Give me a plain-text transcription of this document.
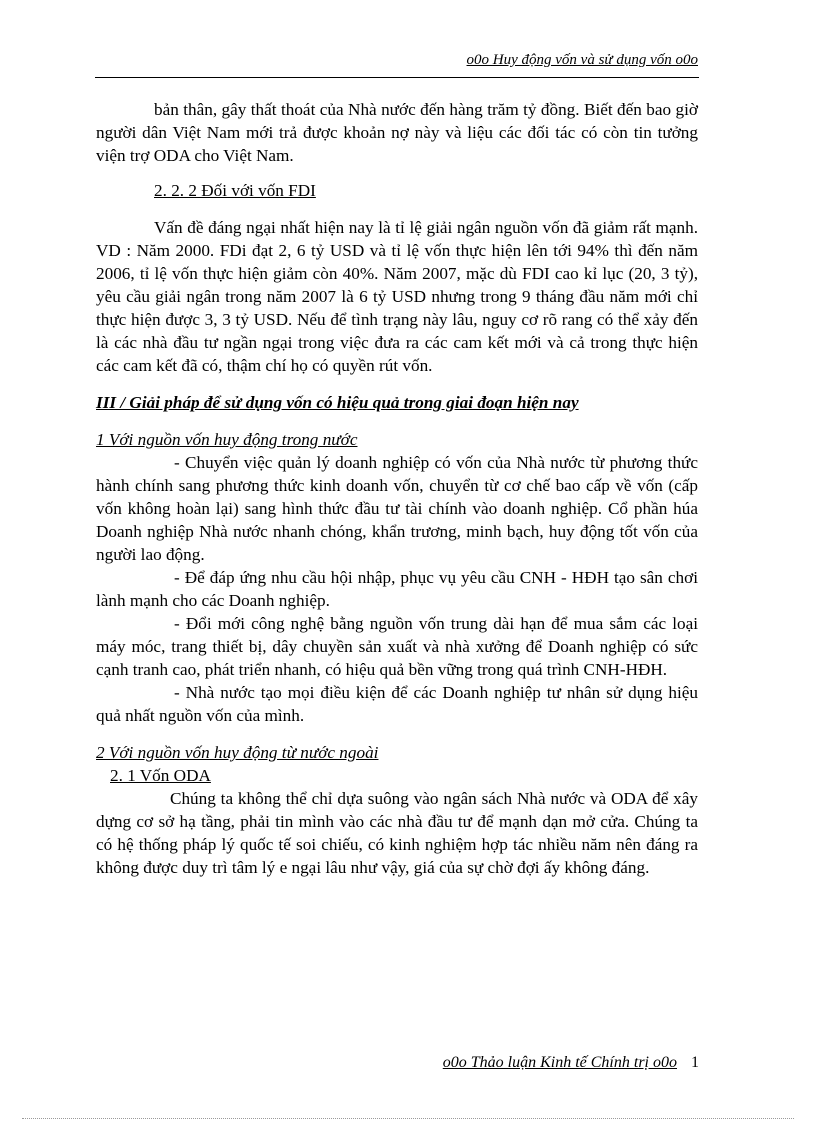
o0o Huy động vốn và sử dụng vốn o0o

bản thân, gây thất thoát của Nhà nước đến hàng trăm tỷ đồng. Biết đến bao giờ người dân Việt Nam mới trả được khoản nợ này và liệu các đối tác có còn tin tưởng viện trợ ODA cho Việt Nam.

2. 2. 2 Đối với vốn FDI

Vấn đề đáng ngại nhất hiện nay là tỉ lệ giải ngân nguồn vốn đã giảm rất mạnh. VD : Năm 2000. FDi đạt 2, 6 tỷ USD và tỉ lệ vốn thực hiện lên tới 94% thì đến năm 2006, tỉ lệ vốn thực hiện giảm còn 40%. Năm 2007, mặc dù FDI cao kỉ lục (20, 3 tỷ), yêu cầu giải ngân trong năm 2007 là 6 tỷ USD nhưng trong 9 tháng đầu năm mới chỉ thực hiện được 3, 3 tỷ USD. Nếu để tình trạng này lâu, nguy cơ rõ rang có thể xảy đến là các nhà đầu tư ngần ngại trong việc đưa ra các cam kết mới và cả trong thực hiện các cam kết đã có, thậm chí họ có quyền rút vốn.

III / Giải pháp để sử dụng vốn có hiệu quả trong giai đoạn hiện nay

1 Với nguồn vốn huy động trong nước

- Chuyển việc quản lý doanh nghiệp có vốn của Nhà nước từ phương thức hành chính sang phương thức kinh doanh vốn, chuyển từ cơ chế bao cấp về vốn (cấp vốn không hoàn lại) sang hình thức đầu tư tài chính vào doanh nghiệp. Cổ phần húa Doanh nghiệp Nhà nước nhanh chóng, khẩn trương, minh bạch, huy động tốt vốn của người lao động.

- Để đáp ứng nhu cầu hội nhập, phục vụ yêu cầu CNH - HĐH tạo sân chơi lành mạnh cho các Doanh nghiệp.

- Đổi mới công nghệ bằng nguồn vốn trung dài hạn để mua sắm các loại máy móc, trang thiết bị, dây chuyền sản xuất và nhà xưởng để Doanh nghiệp có sức cạnh tranh cao, phát triển nhanh, có hiệu quả bền vững trong quá trình CNH-HĐH.

- Nhà nước tạo mọi điều kiện để các Doanh nghiệp tư nhân sử dụng hiệu quả nhất nguồn vốn của mình.

2 Với nguồn vốn huy động từ nước ngoài

2. 1 Vốn ODA

Chúng ta không thể chỉ dựa suông vào ngân sách Nhà nước và ODA để xây dựng cơ sở hạ tầng, phải tin mình vào các nhà đầu tư để mạnh dạn mở cửa. Chúng ta có hệ thống pháp lý quốc tế soi chiếu, có kinh nghiệm hợp tác nhiều năm nên đáng ra không được duy trì tâm lý e ngại lâu như vậy, giá của sự chờ đợi ấy không đáng.

o0o Thảo luận Kinh tế Chính trị o0o 1
